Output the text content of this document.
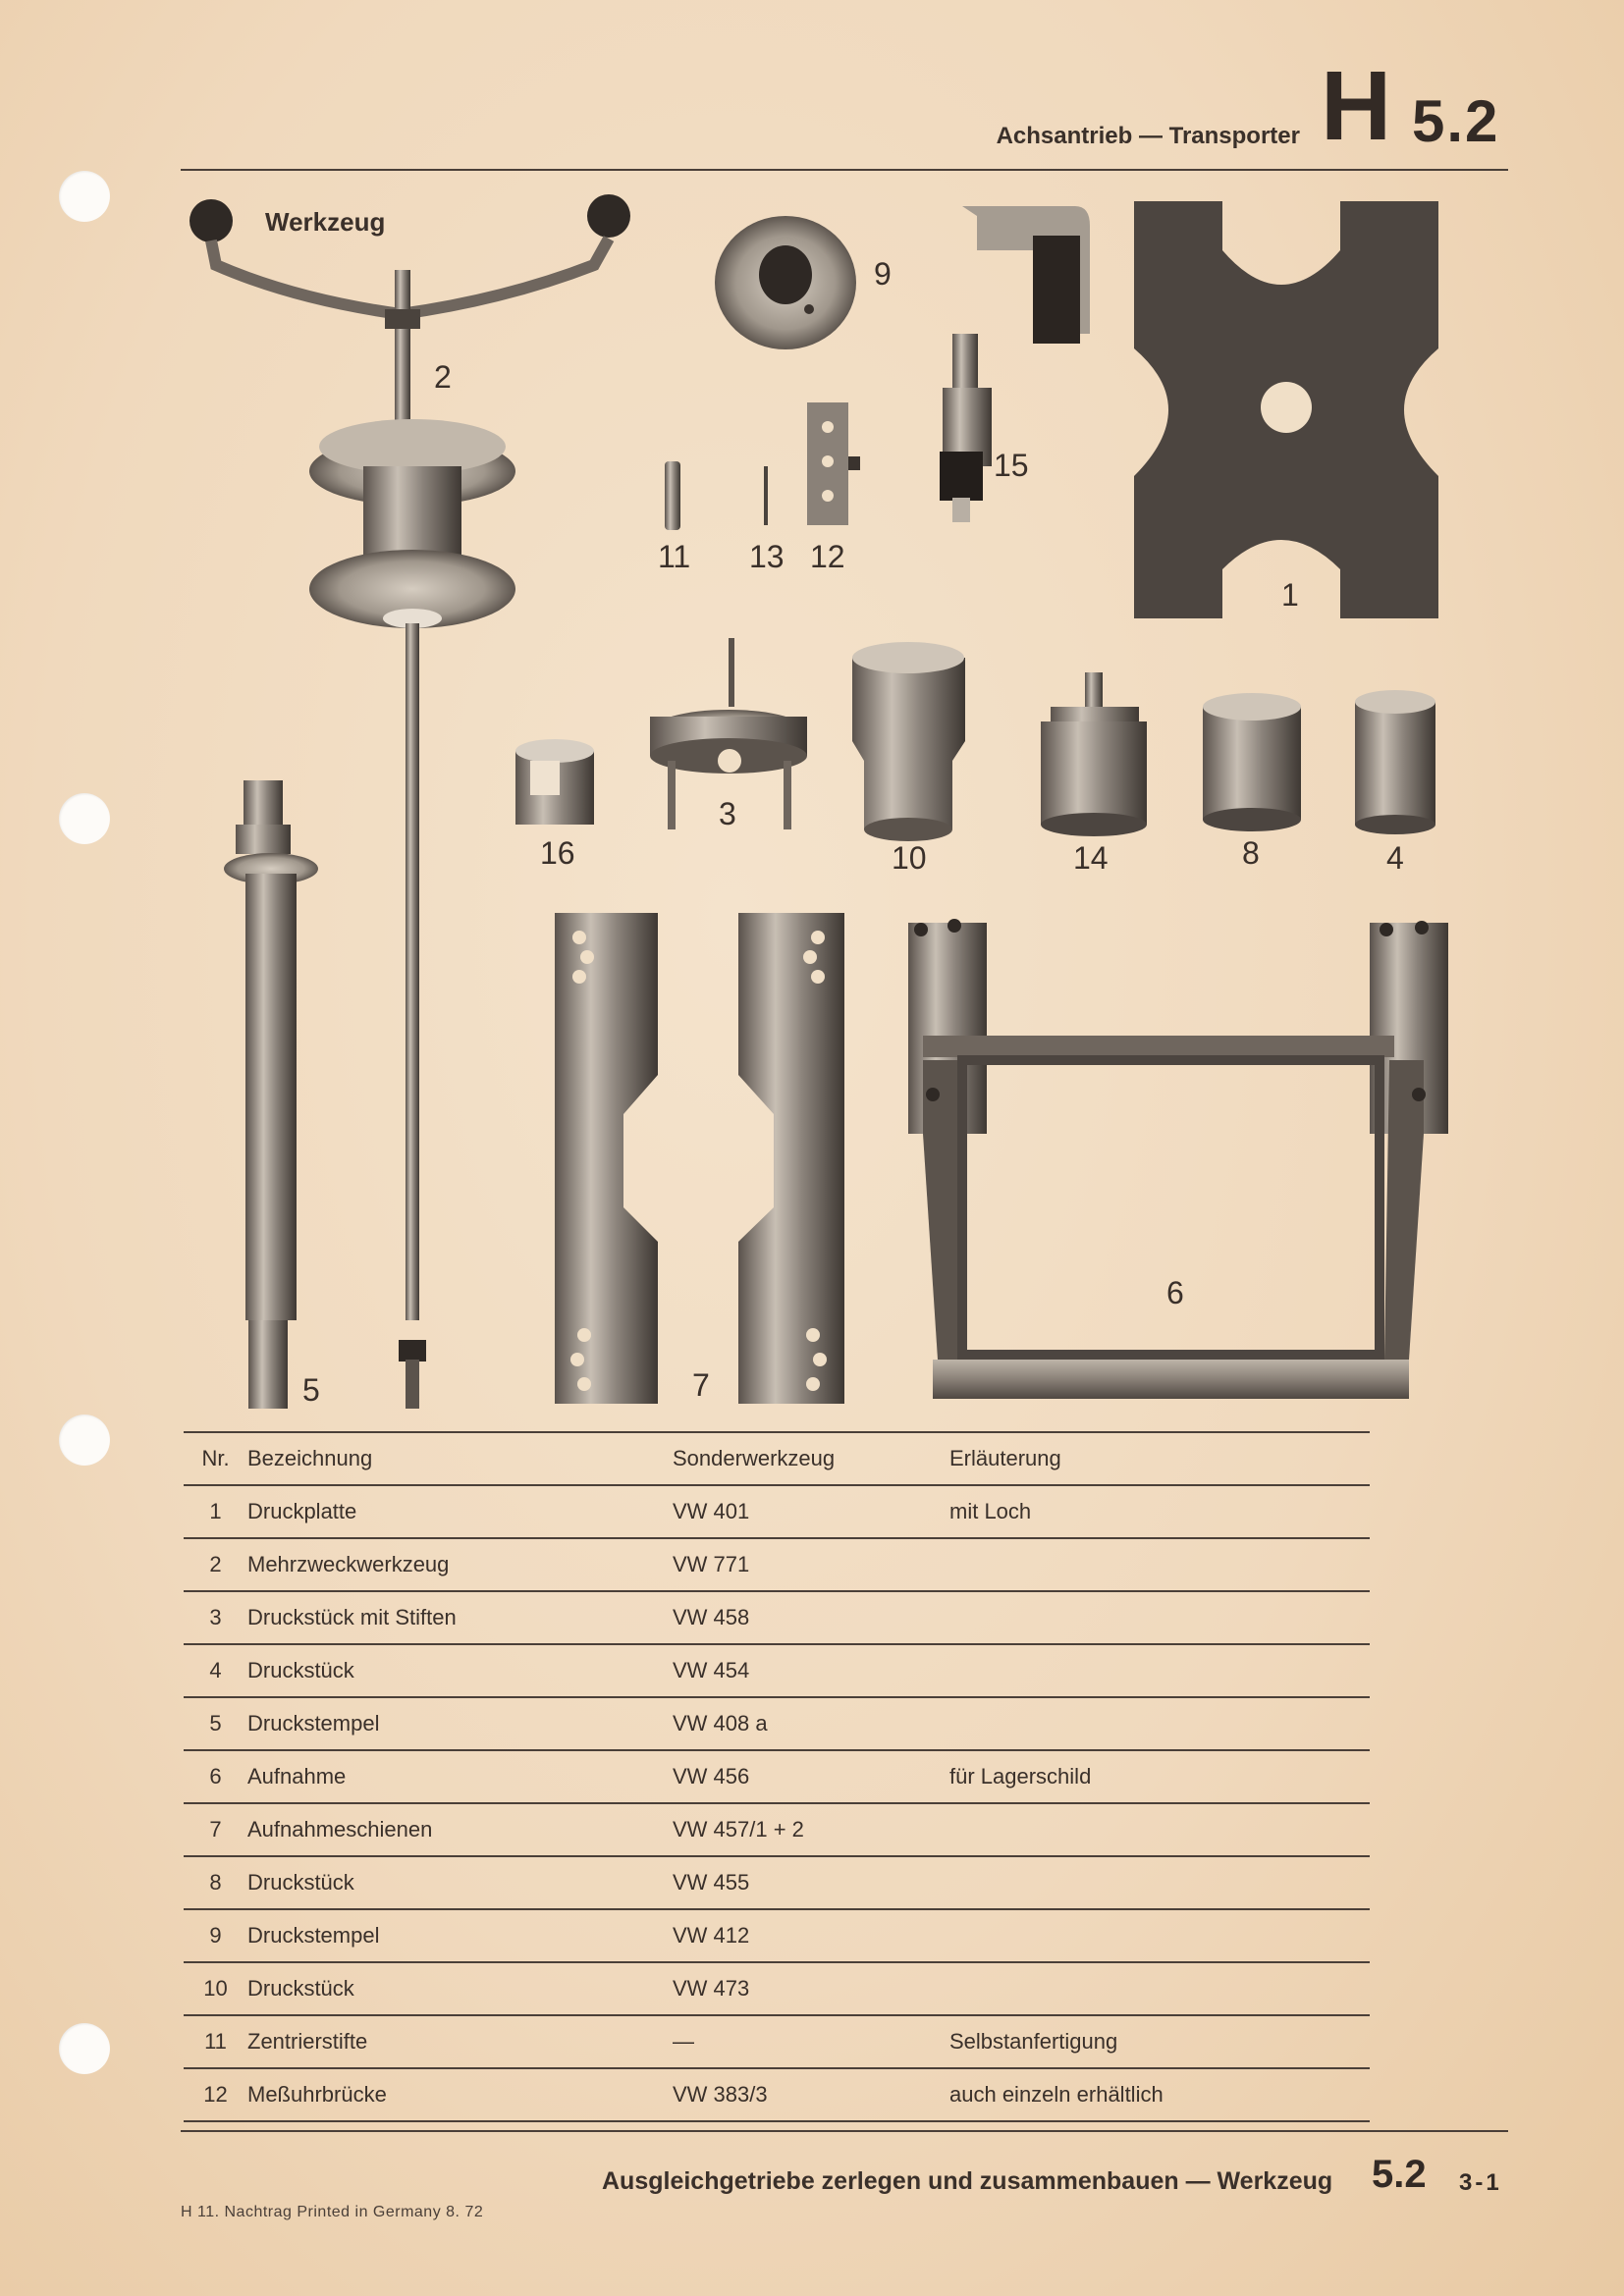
Achsantrieb — Transporter H 5.2
Werkzeug
2
5
9
15
1
11 13 12
16
3
10	14	8	4
7
6
Nr.	Bezeichnung	Sonderwerkzeug	Erläuterung
1	Druckplatte	VW 401	mit Loch
2	Mehrzweckwerkzeug	VW 771	
3	Druckstück mit Stiften	VW 458	
4	Druckstück	VW 454	
5	Druckstempel	VW 408 a	
6	Aufnahme	VW 456	für Lagerschild
7	Aufnahmeschienen	VW 457/1 + 2	
8	Druckstück	VW 455	
9	Druckstempel	VW 412	
10	Druckstück	VW 473	
11	Zentrierstifte	—	Selbstanfertigung
12	Meßuhrbrücke	VW 383/3	auch einzeln erhältlich
Ausgleichgetriebe zerlegen und zusammenbauen — Werkzeug 5.2 3-1
H 11. Nachtrag Printed in Germany 8. 72
